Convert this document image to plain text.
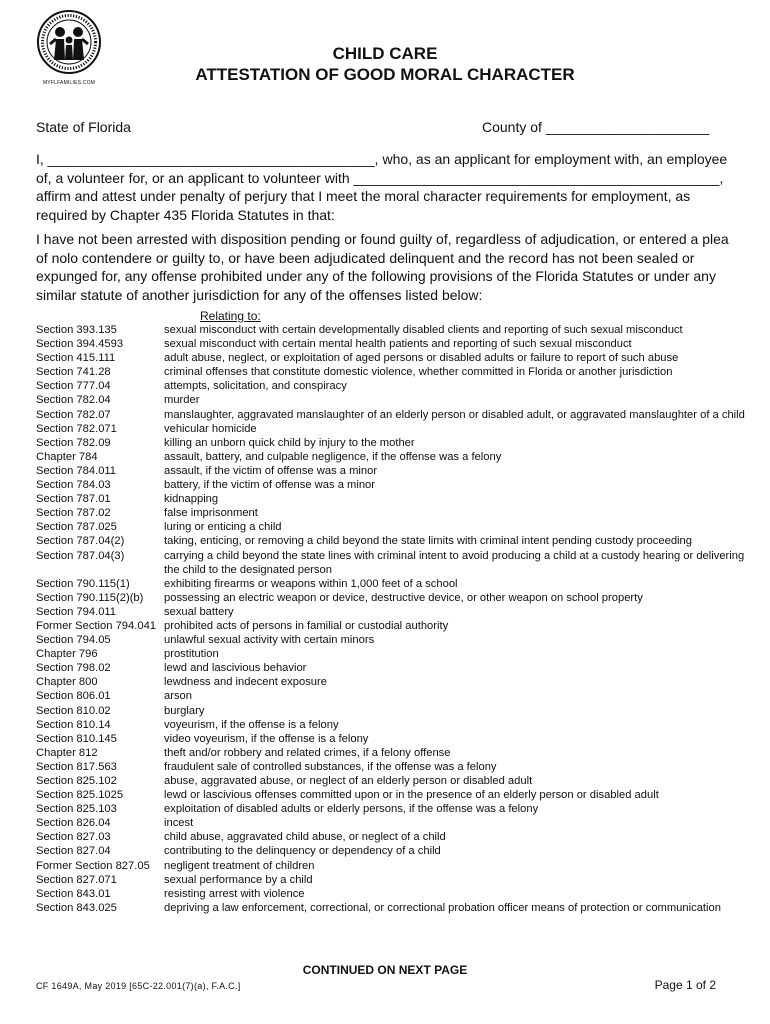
MYFLFAMILIES.COM
CHILD CARE
ATTESTATION OF GOOD MORAL CHARACTER
State of Florida	County of _____________________
I, __________________________________________, who, as an applicant for employment with, an employee
of, a volunteer for, or an applicant to volunteer with _______________________________________________,
affirm and attest under penalty of perjury that I meet the moral character requirements for employment, as
required by Chapter 435 Florida Statutes in that:
I have not been arrested with disposition pending or found guilty of, regardless of adjudication, or entered a plea
of nolo contendere or guilty to, or have been adjudicated delinquent and the record has not been sealed or
expunged for, any offense prohibited under any of the following provisions of the Florida Statutes or under any
similar statute of another jurisdiction for any of the offenses listed below:
Relating to:
Section 393.135	sexual misconduct with certain developmentally disabled clients and reporting of such sexual misconduct
Section 394.4593	sexual misconduct with certain mental health patients and reporting of such sexual misconduct
Section 415.111	adult abuse, neglect, or exploitation of aged persons or disabled adults or failure to report of such abuse
Section 741.28	criminal offenses that constitute domestic violence, whether committed in Florida or another jurisdiction
Section 777.04	attempts, solicitation, and conspiracy
Section 782.04	murder
Section 782.07	manslaughter, aggravated manslaughter of an elderly person or disabled adult, or aggravated manslaughter of a child
Section 782.071	vehicular homicide
Section 782.09	killing an unborn quick child by injury to the mother
Chapter 784	assault, battery, and culpable negligence, if the offense was a felony
Section 784.011	assault, if the victim of offense was a minor
Section 784.03	battery, if the victim of offense was a minor
Section 787.01	kidnapping
Section 787.02	false imprisonment
Section 787.025	luring or enticing a child
Section 787.04(2)	taking, enticing, or removing a child beyond the state limits with criminal intent pending custody proceeding
Section 787.04(3)	carrying a child beyond the state lines with criminal intent to avoid producing a child at a custody hearing or delivering the child to the designated person
Section 790.115(1)	exhibiting firearms or weapons within 1,000 feet of a school
Section 790.115(2)(b)	possessing an electric weapon or device, destructive device, or other weapon on school property
Section 794.011	sexual battery
Former Section 794.041 prohibited acts of persons in familial or custodial authority
Section 794.05	unlawful sexual activity with certain minors
Chapter 796	prostitution
Section 798.02	lewd and lascivious behavior
Chapter 800	lewdness and indecent exposure
Section 806.01	arson
Section 810.02	burglary
Section 810.14	voyeurism, if the offense is a felony
Section 810.145	video voyeurism, if the offense is a felony
Chapter 812	theft and/or robbery and related crimes, if a felony offense
Section 817.563	fraudulent sale of controlled substances, if the offense was a felony
Section 825.102	abuse, aggravated abuse, or neglect of an elderly person or disabled adult
Section 825.1025	lewd or lascivious offenses committed upon or in the presence of an elderly person or disabled adult
Section 825.103	exploitation of disabled adults or elderly persons, if the offense was a felony
Section 826.04	incest
Section 827.03	child abuse, aggravated child abuse, or neglect of a child
Section 827.04	contributing to the delinquency or dependency of a child
Former Section 827.05	negligent treatment of children
Section 827.071	sexual performance by a child
Section 843.01	resisting arrest with violence
Section 843.025	depriving a law enforcement, correctional, or correctional probation officer means of protection or communication
CONTINUED ON NEXT PAGE
CF 1649A, May 2019 [65C-22.001(7)(a), F.A.C.]	Page 1 of 2
